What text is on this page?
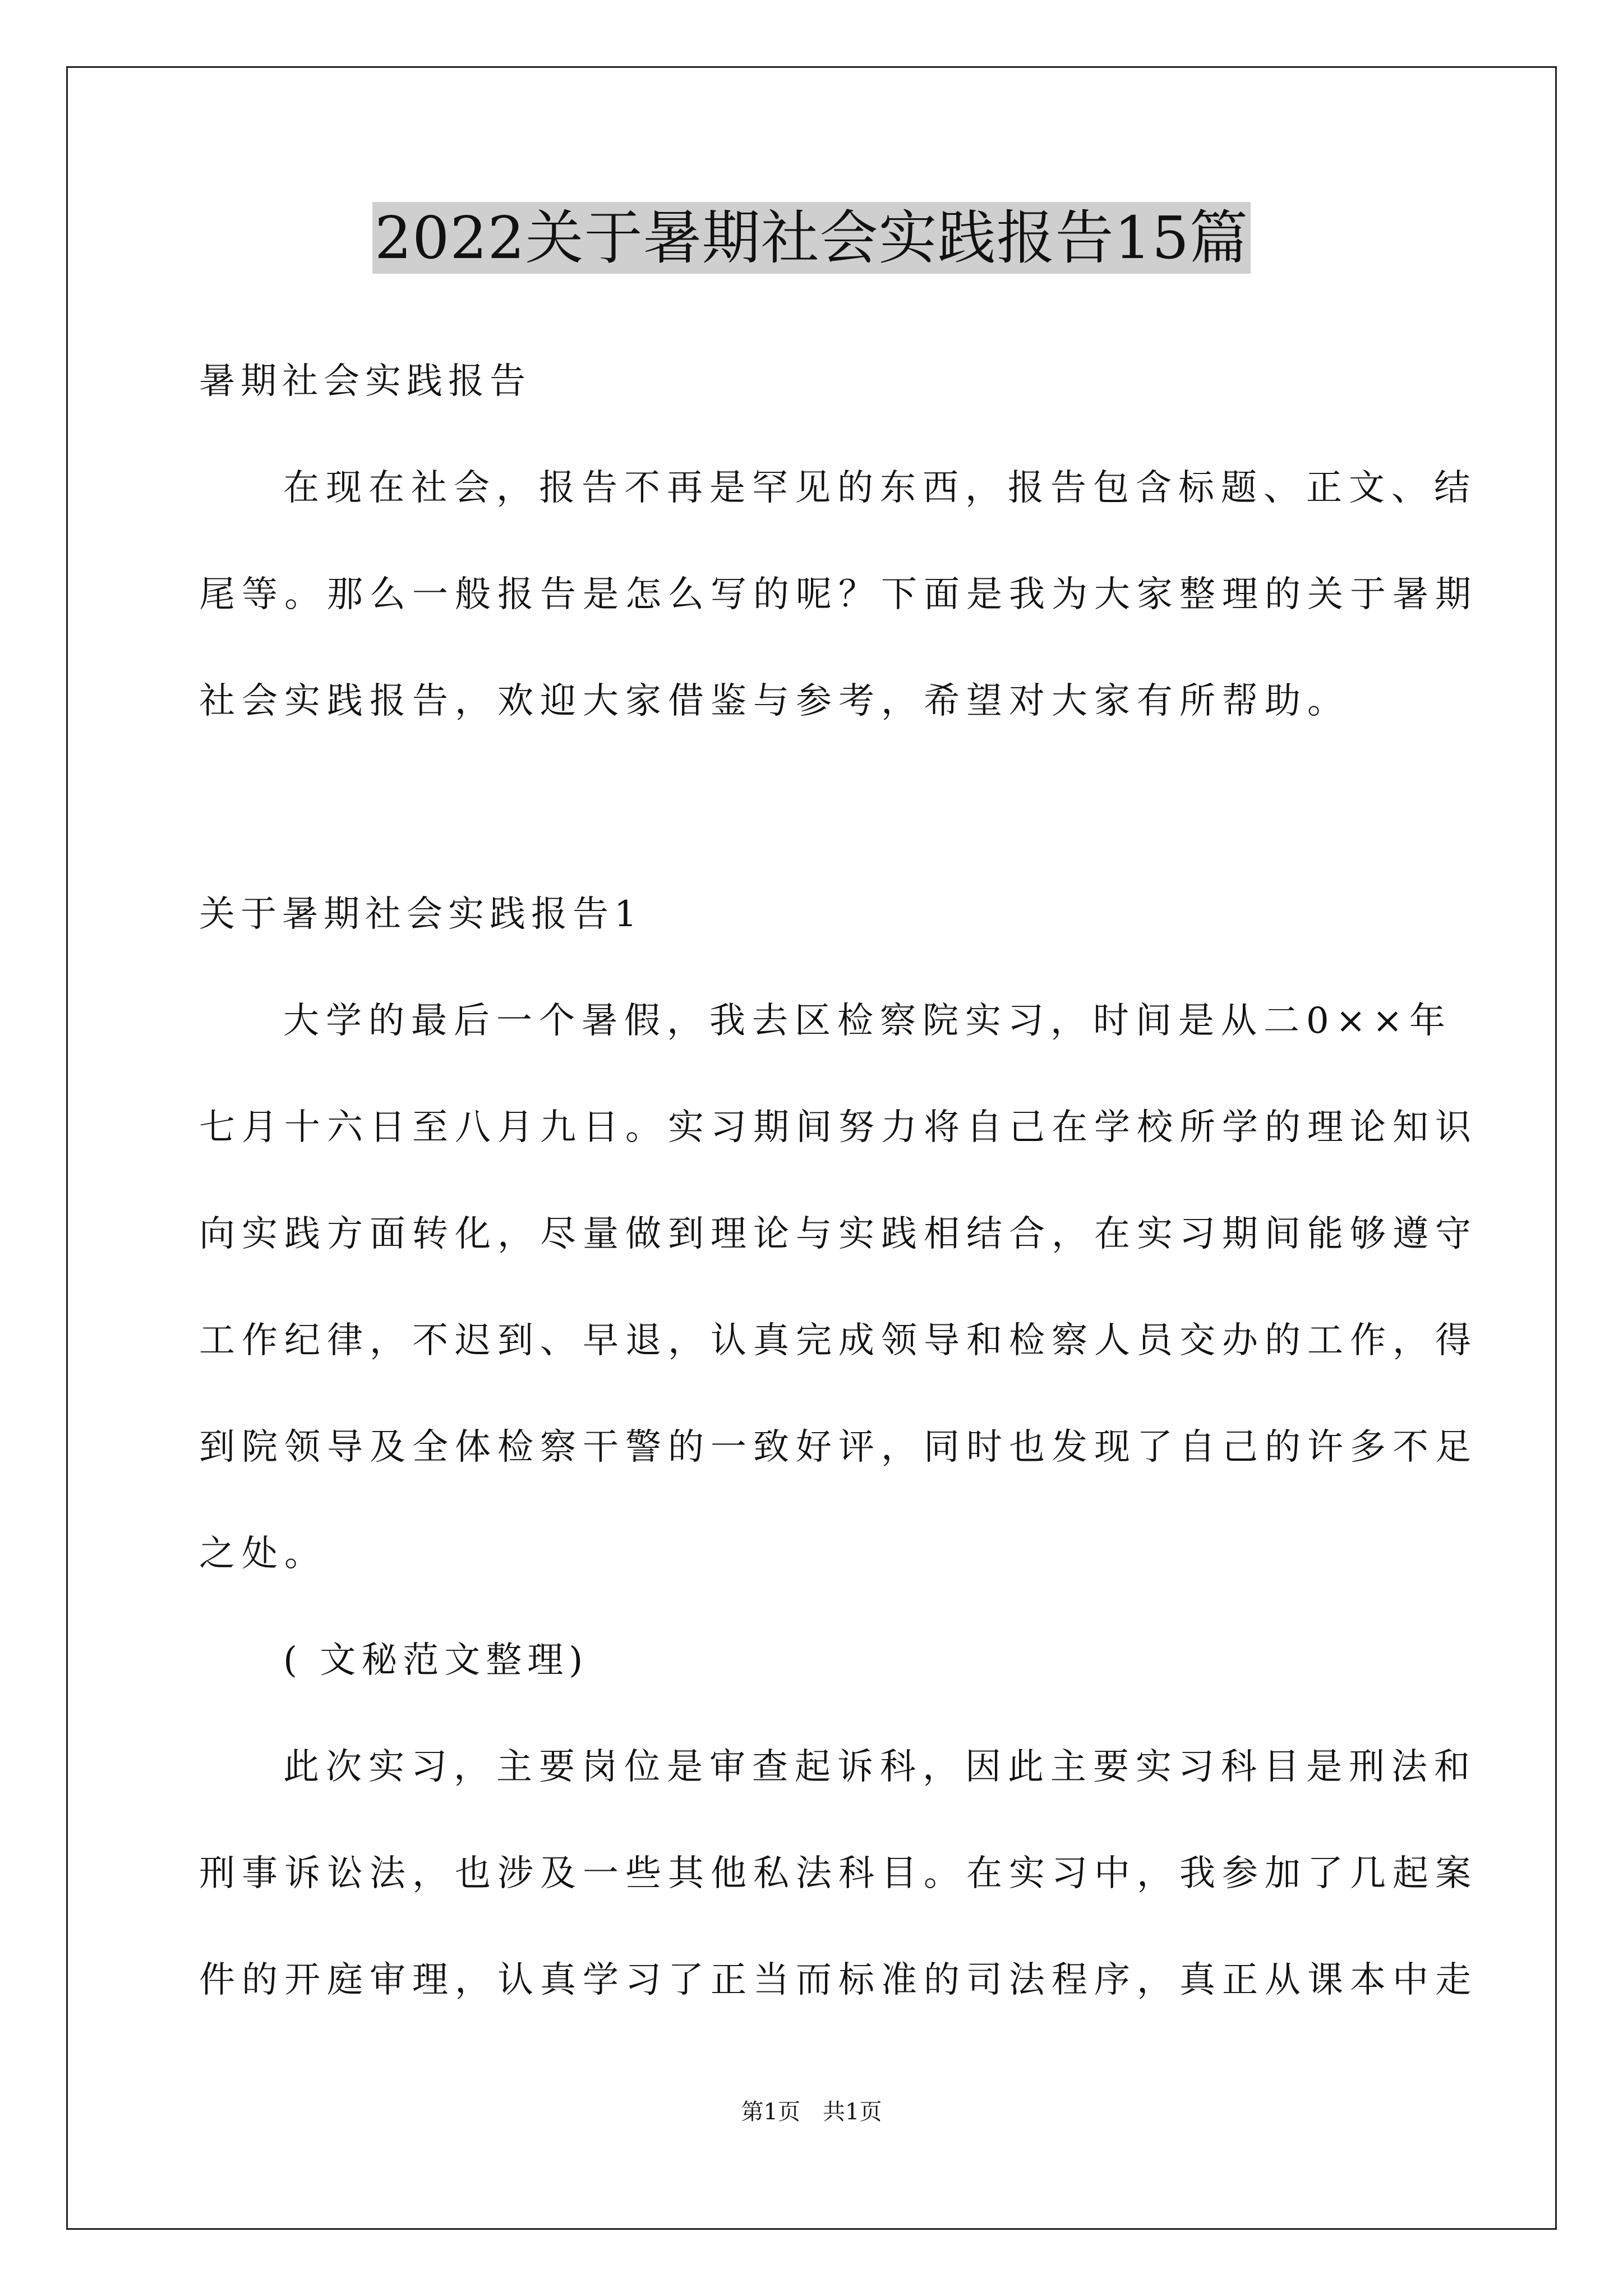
2022关于暑期社会实践报告15篇
暑期社会实践报告
在现在社会，报告不再是罕见的东西，报告包含标题、正文、结
尾等。那么一般报告是怎么写的呢？下面是我为大家整理的关于暑期
社会实践报告，欢迎大家借鉴与参考，希望对大家有所帮助。
关于暑期社会实践报告1
大学的最后一个暑假，我去区检察院实习，时间是从二0××年
七月十六日至八月九日。实习期间努力将自己在学校所学的理论知识
向实践方面转化，尽量做到理论与实践相结合，在实习期间能够遵守
工作纪律，不迟到、早退，认真完成领导和检察人员交办的工作，得
到院领导及全体检察干警的一致好评，同时也发现了自己的许多不足
之处。
( 文秘范文整理)
此次实习，主要岗位是审查起诉科，因此主要实习科目是刑法和
刑事诉讼法，也涉及一些其他私法科目。在实习中，我参加了几起案
件的开庭审理，认真学习了正当而标准的司法程序，真正从课本中走
第1页　共1页
